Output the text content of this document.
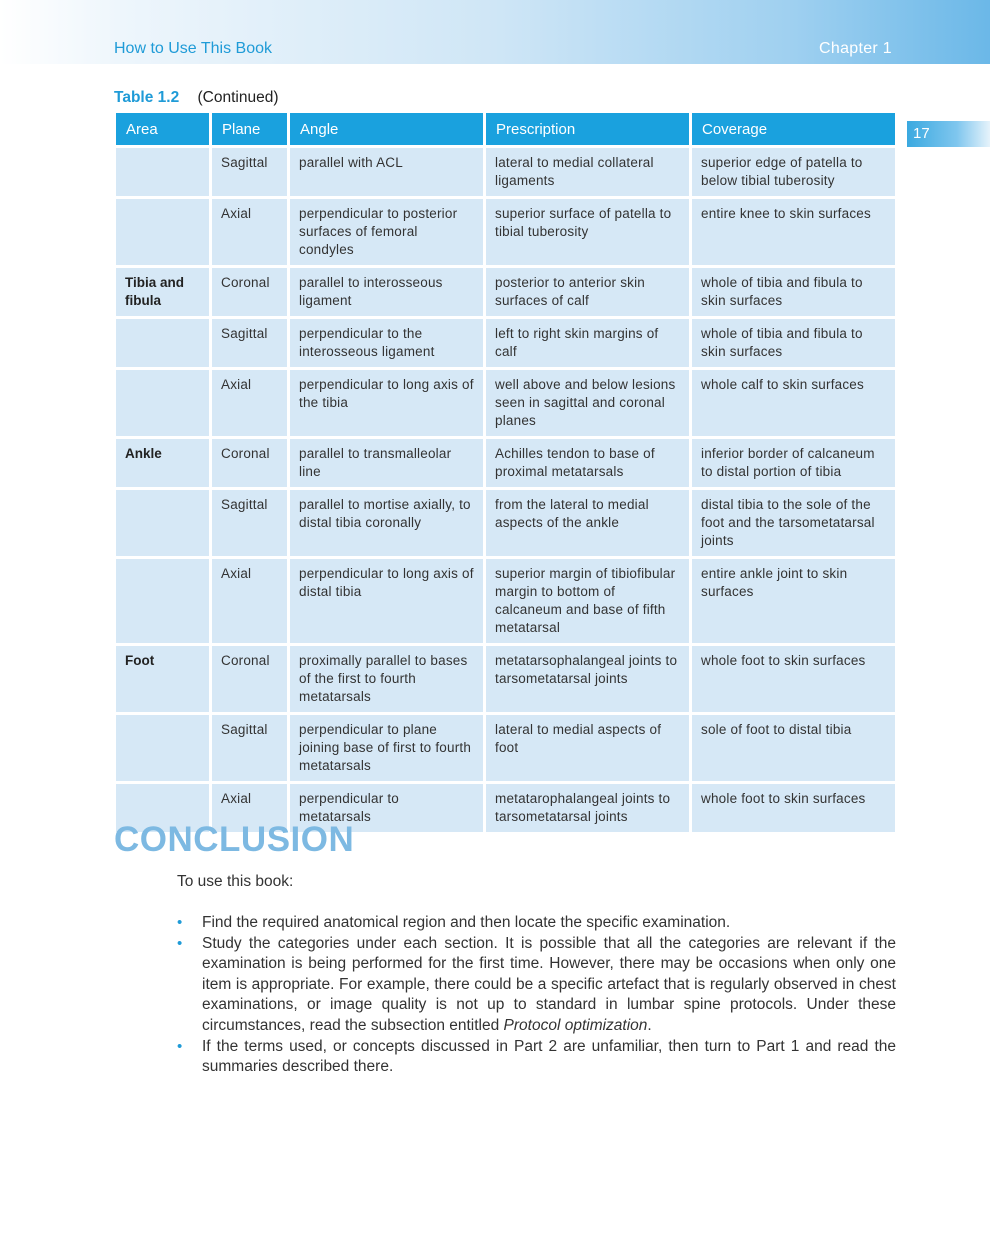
How to Use This Book	Chapter 1
17
Table 1.2 (Continued)
Area	Plane	Angle	Prescription	Coverage
	Sagittal	parallel with ACL	lateral to medial collateral ligaments	superior edge of patella to below tibial tuberosity
	Axial	perpendicular to posterior surfaces of femoral condyles	superior surface of patella to tibial tuberosity	entire knee to skin surfaces
Tibia and fibula	Coronal	parallel to interosseous ligament	posterior to anterior skin surfaces of calf	whole of tibia and fibula to skin surfaces
	Sagittal	perpendicular to the interosseous ligament	left to right skin margins of calf	whole of tibia and fibula to skin surfaces
	Axial	perpendicular to long axis of the tibia	well above and below lesions seen in sagittal and coronal planes	whole calf to skin surfaces
Ankle	Coronal	parallel to transmalleolar line	Achilles tendon to base of proximal metatarsals	inferior border of calcaneum to distal portion of tibia
	Sagittal	parallel to mortise axially, to distal tibia coronally	from the lateral to medial aspects of the ankle	distal tibia to the sole of the foot and the tarsometatarsal joints
	Axial	perpendicular to long axis of distal tibia	superior margin of tibiofibular margin to bottom of calcaneum and base of fifth metatarsal	entire ankle joint to skin surfaces
Foot	Coronal	proximally parallel to bases of the first to fourth metatarsals	metatarsophalangeal joints to tarsometatarsal joints	whole foot to skin surfaces
	Sagittal	perpendicular to plane joining base of first to fourth metatarsals	lateral to medial aspects of foot	sole of foot to distal tibia
	Axial	perpendicular to metatarsals	metatarophalangeal joints to tarsometatarsal joints	whole foot to skin surfaces
CONCLUSION
To use this book:
• Find the required anatomical region and then locate the specific examination.
• Study the categories under each section. It is possible that all the categories are relevant if the examination is being performed for the first time. However, there may be occasions when only one item is appropriate. For example, there could be a specific artefact that is regularly observed in chest examinations, or image quality is not up to standard in lumbar spine protocols. Under these circumstances, read the subsection entitled Protocol optimization.
• If the terms used, or concepts discussed in Part 2 are unfamiliar, then turn to Part 1 and read the summaries described there.
